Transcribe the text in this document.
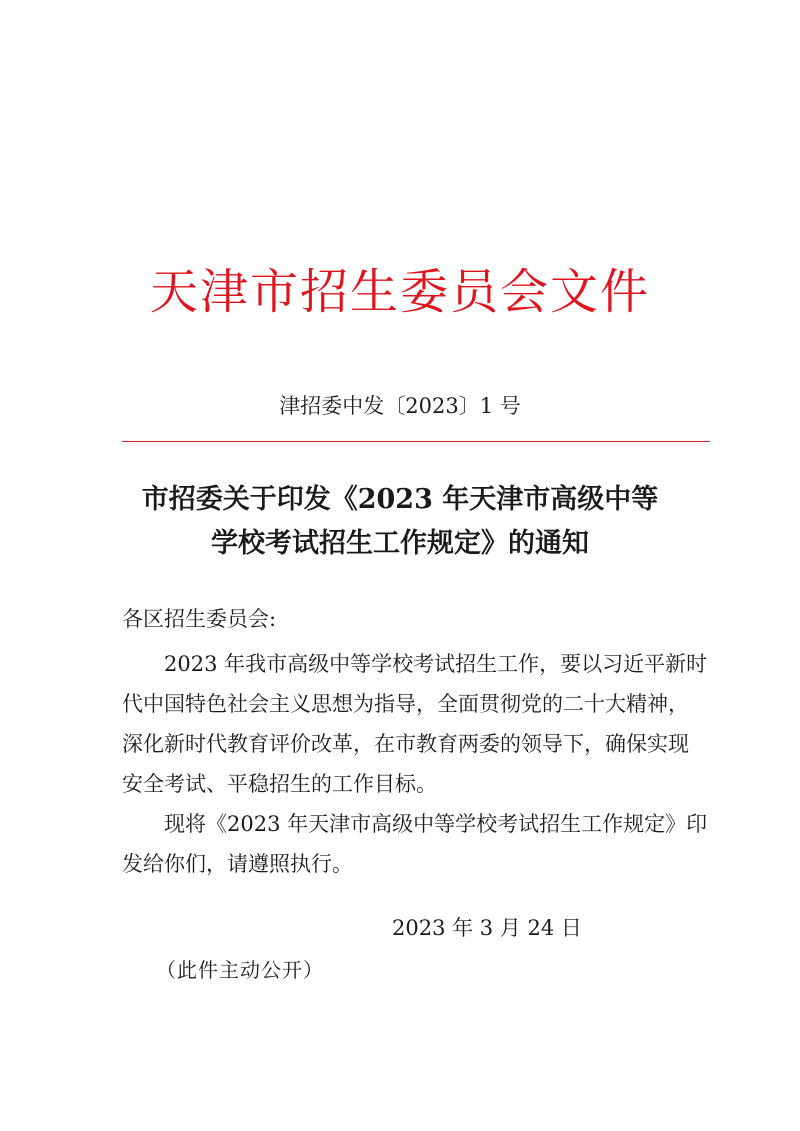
天津市招生委员会文件
津招委中发〔2023〕1 号
市招委关于印发《2023 年天津市高级中等
学校考试招生工作规定》的通知
各区招生委员会:
　　2023 年我市高级中等学校考试招生工作，要以习近平新时
代中国特色社会主义思想为指导，全面贯彻党的二十大精神，
深化新时代教育评价改革，在市教育两委的领导下，确保实现
安全考试、平稳招生的工作目标。
　　现将《2023 年天津市高级中等学校考试招生工作规定》印
发给你们，请遵照执行。
2023 年 3 月 24 日
（此件主动公开）
